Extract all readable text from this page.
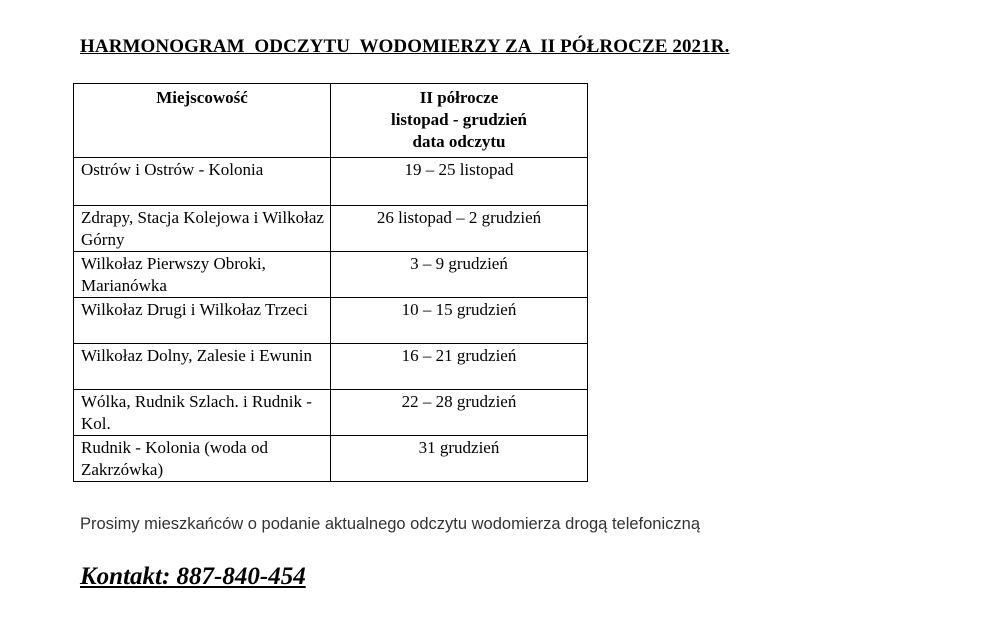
HARMONOGRAM  ODCZYTU  WODOMIERZY ZA  II PÓŁROCZE 2021R.
Miejscowość	II półrocze
listopad - grudzień
data odczytu

Ostrów i Ostrów - Kolonia	19 – 25 listopad
Zdrapy, Stacja Kolejowa i Wilkołaz Górny	26 listopad – 2 grudzień
Wilkołaz Pierwszy Obroki, Marianówka	3 – 9 grudzień
Wilkołaz Drugi i Wilkołaz Trzeci	10 – 15 grudzień
Wilkołaz Dolny, Zalesie i Ewunin	16 – 21 grudzień
Wólka, Rudnik Szlach. i Rudnik - Kol.	22 – 28 grudzień
Rudnik - Kolonia (woda od Zakrzówka)	31 grudzień
Prosimy mieszkańców o podanie aktualnego odczytu wodomierza drogą telefoniczną
Kontakt: 887-840-454
